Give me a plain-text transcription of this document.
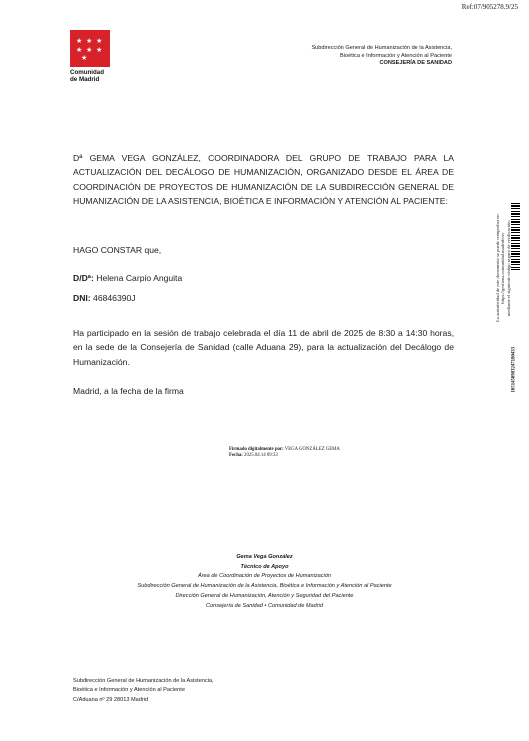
Ref:07/905278.9/25
★ ★ ★
★ ★ ★
★
Comunidad
de Madrid
Subdirección General de Humanización de la Asistencia,
Bioética e Información y Atención al Paciente
CONSEJERÍA DE SANIDAD
Dª GEMA VEGA GONZÁLEZ, COORDINADORA DEL GRUPO DE TRABAJO PARA LA ACTUALIZACIÓN DEL DECÁLOGO DE HUMANIZACIÓN, ORGANIZADO DESDE EL ÁREA DE COORDINACIÓN DE PROYECTOS DE HUMANIZACIÓN DE LA SUBDIRECCIÓN GENERAL DE HUMANIZACIÓN DE LA ASISTENCIA, BIOÉTICA E INFORMACIÓN Y ATENCIÓN AL PACIENTE:
HAGO CONSTAR que,
D/Dª: Helena Carpio Anguita
DNI: 46846390J
Ha participado en la sesión de trabajo celebrada el día 11 de abril de 2025 de 8:30 a 14:30 horas, en la sede de la Consejería de Sanidad (calle Aduana 29), para la actualización del Decálogo de Humanización.
Madrid, a la fecha de la firma
Firmado digitalmente por: VEGA GONZÁLEZ GEMA
Fecha: 2025.04.14 09:33
Gema Vega González
Técnico de Apoyo
Área de Coordinación de Proyectos de Humanización
Subdirección General de Humanización de la Asistencia, Bioética e Información y Atención al Paciente
Dirección General de Humanización, Atención y Seguridad del Paciente
Consejería de Sanidad • Comunidad de Madrid
La autenticidad de este documento se puede comprobar en https://gestiona.comunidad.madrid/csv mediante el siguiente código seguro de verificación:
1051450983247180433
Subdirección General de Humanización de la Asistencia,
Bioética e Información y Atención al Paciente
C/Aduana nº 29 28013 Madrid
